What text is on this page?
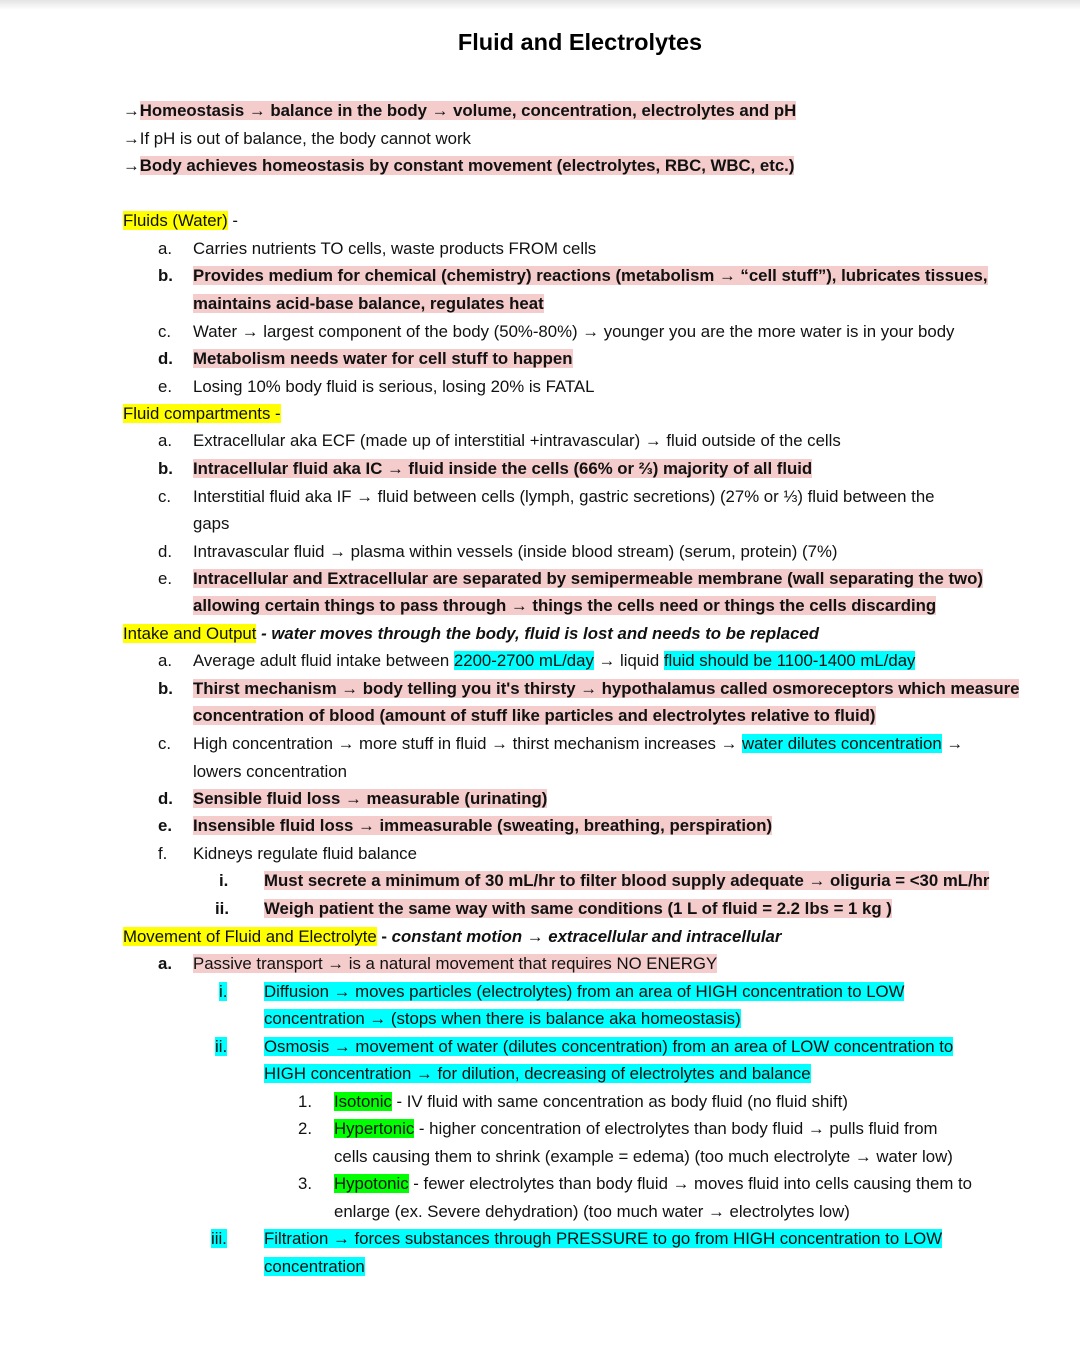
Fluid and Electrolytes
→Homeostasis → balance in the body → volume, concentration, electrolytes and pH
→If pH is out of balance, the body cannot work
→Body achieves homeostasis by constant movement (electrolytes, RBC, WBC, etc.)
Fluids (Water) -
a. Carries nutrients TO cells, waste products FROM cells
b. Provides medium for chemical (chemistry) reactions (metabolism → “cell stuff”), lubricates tissues,
maintains acid-base balance, regulates heat
c. Water → largest component of the body (50%-80%) → younger you are the more water is in your body
d. Metabolism needs water for cell stuff to happen
e. Losing 10% body fluid is serious, losing 20% is FATAL
Fluid compartments -
a. Extracellular aka ECF (made up of interstitial +intravascular) → fluid outside of the cells
b. Intracellular fluid aka IC → fluid inside the cells (66% or ⅔) majority of all fluid
c. Interstitial fluid aka IF → fluid between cells (lymph, gastric secretions) (27% or ⅓) fluid between the
gaps
d. Intravascular fluid → plasma within vessels (inside blood stream) (serum, protein) (7%)
e. Intracellular and Extracellular are separated by semipermeable membrane (wall separating the two)
allowing certain things to pass through → things the cells need or things the cells discarding
Intake and Output - water moves through the body, fluid is lost and needs to be replaced
a. Average adult fluid intake between 2200-2700 mL/day → liquid fluid should be 1100-1400 mL/day
b. Thirst mechanism → body telling you it's thirsty → hypothalamus called osmoreceptors which measure
concentration of blood (amount of stuff like particles and electrolytes relative to fluid)
c. High concentration → more stuff in fluid → thirst mechanism increases → water dilutes concentration →
lowers concentration
d. Sensible fluid loss → measurable (urinating)
e. Insensible fluid loss → immeasurable (sweating, breathing, perspiration)
f. Kidneys regulate fluid balance
i. Must secrete a minimum of 30 mL/hr to filter blood supply adequate → oliguria = <30 mL/hr
ii. Weigh patient the same way with same conditions (1 L of fluid = 2.2 lbs = 1 kg )
Movement of Fluid and Electrolyte - constant motion → extracellular and intracellular
a. Passive transport → is a natural movement that requires NO ENERGY
i. Diffusion → moves particles (electrolytes) from an area of HIGH concentration to LOW
concentration → (stops when there is balance aka homeostasis)
ii. Osmosis → movement of water (dilutes concentration) from an area of LOW concentration to
HIGH concentration → for dilution, decreasing of electrolytes and balance
1. Isotonic - IV fluid with same concentration as body fluid (no fluid shift)
2. Hypertonic - higher concentration of electrolytes than body fluid → pulls fluid from
cells causing them to shrink (example = edema) (too much electrolyte → water low)
3. Hypotonic - fewer electrolytes than body fluid → moves fluid into cells causing them to
enlarge (ex. Severe dehydration) (too much water → electrolytes low)
iii. Filtration → forces substances through PRESSURE to go from HIGH concentration to LOW
concentration
